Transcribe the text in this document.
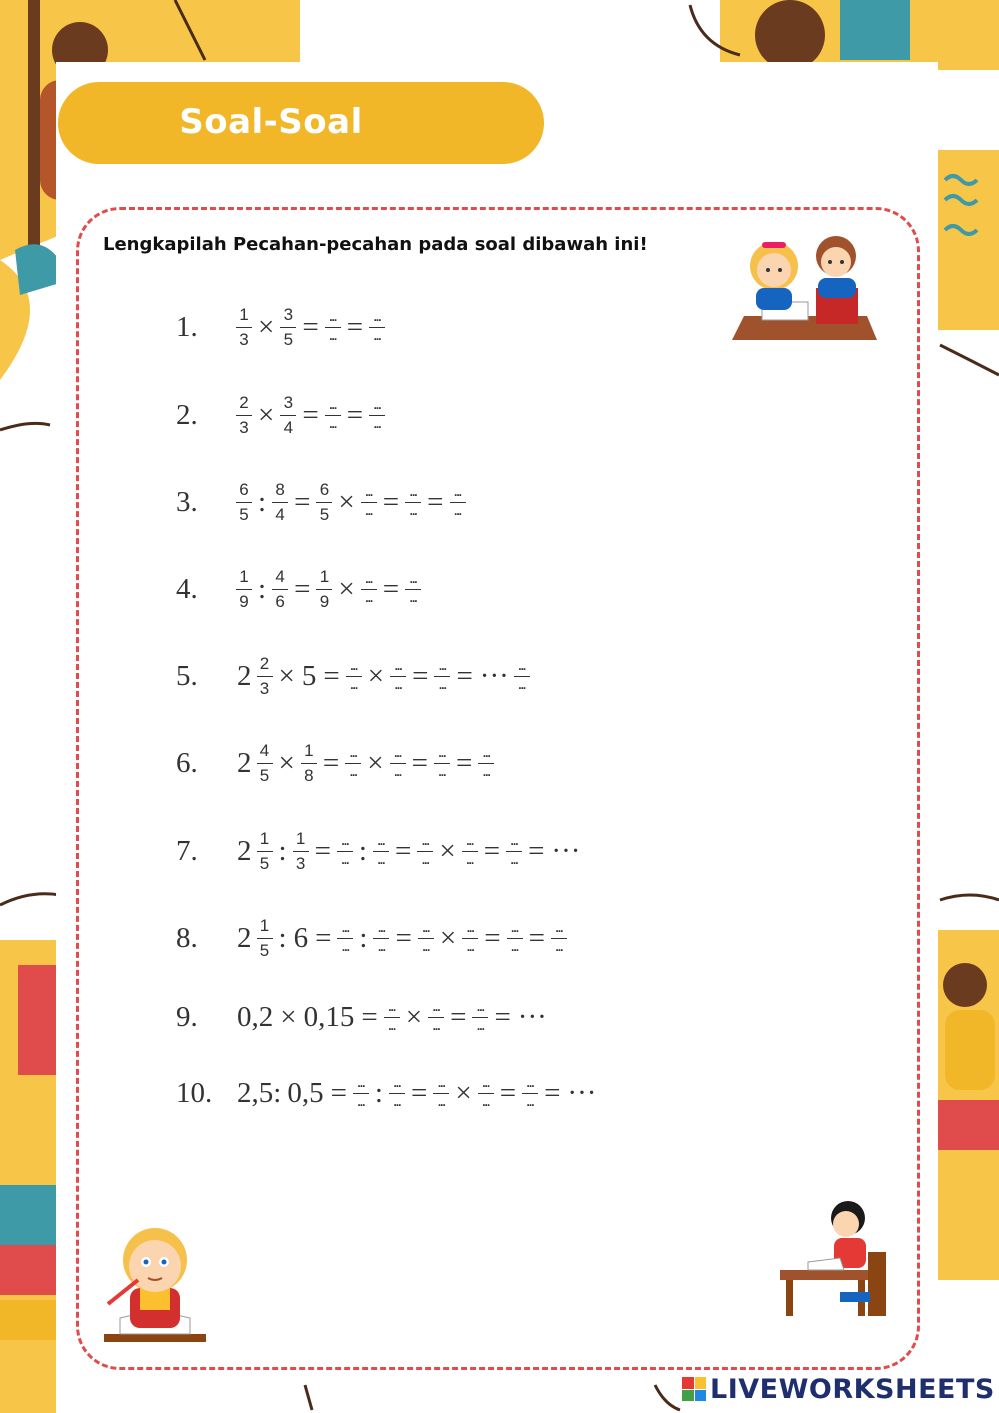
Soal-Soal
Lengkapilah Pecahan-pecahan pada soal dibawah ini!
1.	$\frac{1}{3} \times \frac{3}{5} = \frac{...}{...} = \frac{...}{...}$
2.	$\frac{2}{3} \times \frac{3}{4} = \frac{...}{...} = \frac{...}{...}$
3.	$\frac{6}{5}$ : $\frac{8}{4} = \frac{6}{5} \times \frac{...}{...} = \frac{...}{...} = \frac{...}{...}$
4.	$\frac{1}{9}$ : $\frac{4}{6} = \frac{1}{9} \times \frac{...}{...} = \frac{...}{...}$
5.	$2 \frac{2}{3} \times 5 = \frac{...}{...} \times \frac{...}{...} = \frac{...}{...}$ = ··· $\frac{...}{...}$
6.	$2 \frac{4}{5} \times \frac{1}{8} = \frac{...}{...} \times \frac{...}{...} = \frac{...}{...} = \frac{...}{...}$
7.	$2 \frac{1}{5}$ : $\frac{1}{3} = \frac{...}{...}$ : $\frac{...}{...} = \frac{...}{...} \times \frac{...}{...} = \frac{...}{...}$ = ···
8.	$2 \frac{1}{5}$ : $6 = \frac{...}{...}$ : $\frac{...}{...} = \frac{...}{...} \times \frac{...}{...} = \frac{...}{...} = \frac{...}{...}$
9.	$0,2 \times 0,15 = \frac{...}{...} \times \frac{...}{...} = \frac{...}{...}$ = ···
10. 2,5: $0,5 = \frac{...}{...}$ : $\frac{...}{...} = \frac{...}{...} \times \frac{...}{...} = \frac{...}{...}$ = ···
LIVEWORKSHEETS
